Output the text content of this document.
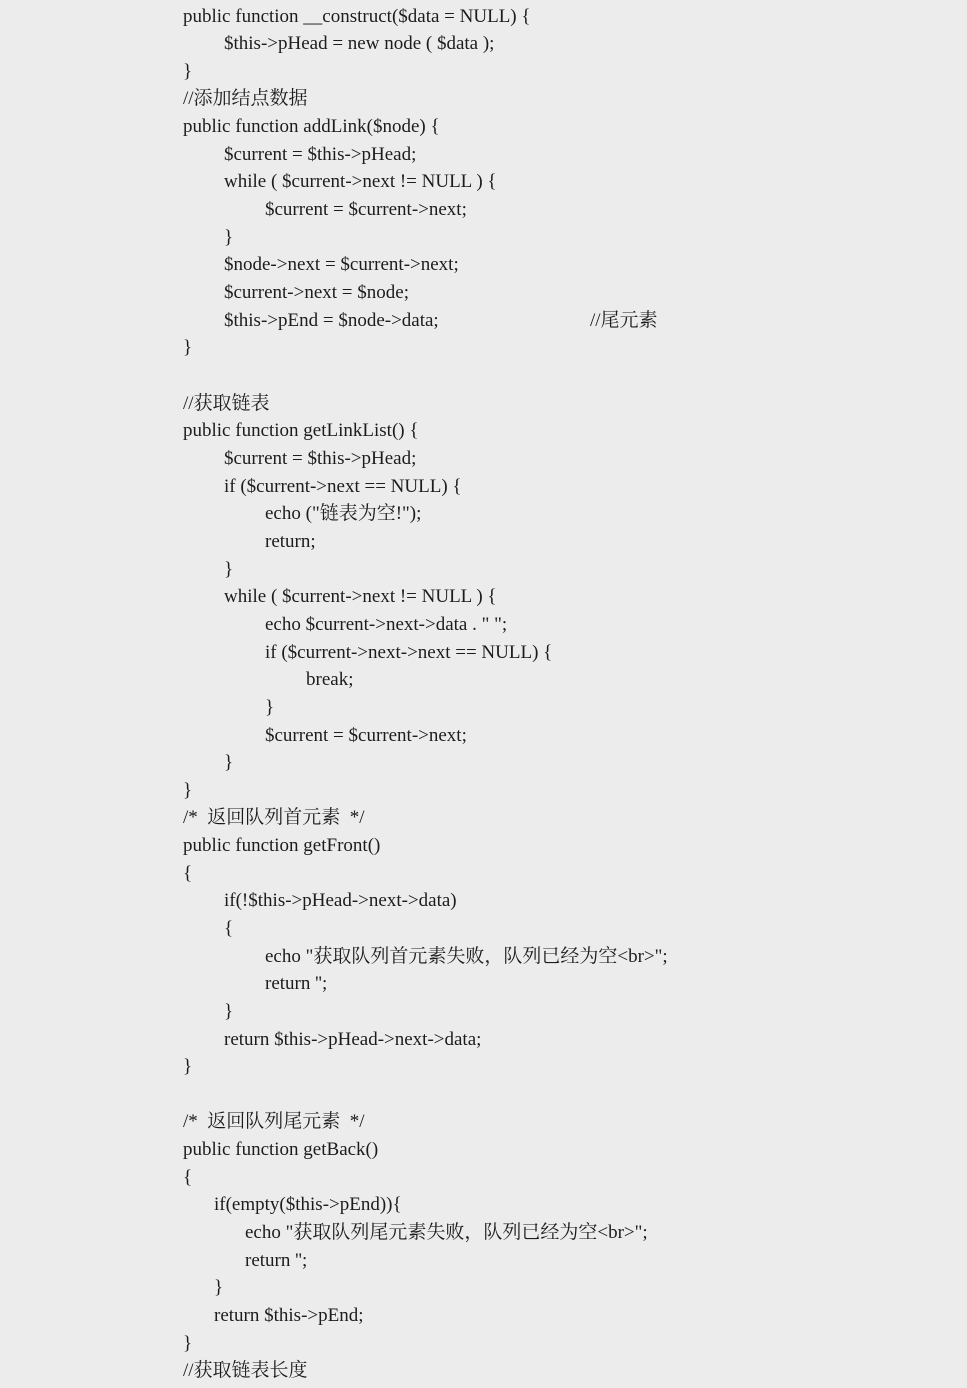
public function __construct($data = NULL) {
$this->pHead = new node ( $data );
}
//添加结点数据
public function addLink($node) {
$current = $this->pHead;
while ( $current->next != NULL ) {
$current = $current->next;
}
$node->next = $current->next;
$current->next = $node;
$this->pEnd = $node->data;	//尾元素
}
//获取链表
public function getLinkList() {
$current = $this->pHead;
if ($current->next == NULL) {
echo ("链表为空!");
return;
}
while ( $current->next != NULL ) {
echo $current->next->data . " ";
if ($current->next->next == NULL) {
break;
}
$current = $current->next;
}
}
/*  返回队列首元素  */
public function getFront()
{
if(!$this->pHead->next->data)
{
echo "获取队列首元素失败，队列已经为空<br>";
return '';
}
return $this->pHead->next->data;
}
/*  返回队列尾元素  */
public function getBack()
{
if(empty($this->pEnd)){
echo "获取队列尾元素失败，队列已经为空<br>";
return '';
}
return $this->pEnd;
}
//获取链表长度
